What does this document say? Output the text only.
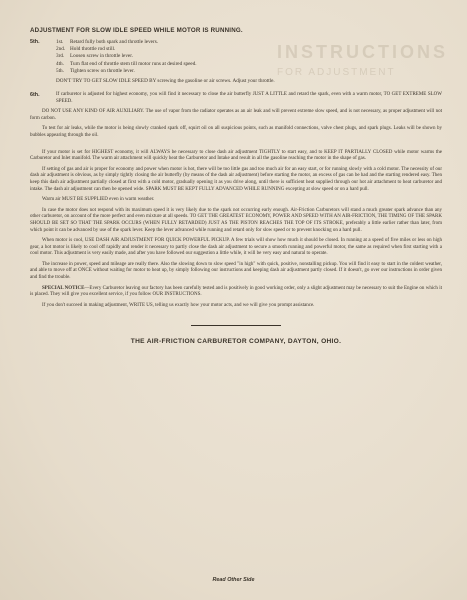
INSTRUCTIONS
FOR ADJUSTMENT
ADJUSTMENT FOR SLOW IDLE SPEED WHILE MOTOR IS RUNNING.
5th.	1st.	Retard fully both spark and throttle levers.
2nd. Hold throttle rod still.
3rd.	Loosen screw in throttle lever.
4th.	Turn flat end of throttle stem till motor runs at desired speed.
5th.	Tighten screw on throttle lever.
DON'T TRY TO GET SLOW IDLE SPEED BY screwing the gasoline or air screws. Adjust your throttle.
6th.	If carburetor is adjusted for highest economy, you will find it necessary to close the air butterfly JUST A LITTLE and retard the spark, even with a warm motor, TO GET EXTREME SLOW SPEED.
DO NOT USE ANY KIND OF AIR AUXILIARY. The use of vapor from the radiator operates as an air leak and will prevent extreme slow speed, and is not necessary, as proper adjustment will not form carbon.
To test for air leaks, while the motor is being slowly cranked spark off, squirt oil on all suspicious points, such as manifold connections, valve chest plugs, and spark plugs. Leaks will be shown by bubbles appearing through the oil.
If your motor is set for HIGHEST economy, it will ALWAYS be necessary to close dash air adjustment TIGHTLY to start easy, and to KEEP IT PARTIALLY CLOSED while motor warms the Carburetor and Inlet manifold. The warm air attachment will quickly heat the Carburetor and Intake and result in all the gasoline reaching the motor in the shape of gas.
If setting of gas and air is proper for economy and power when motor is hot, there will be too little gas and too much air for an easy start, or for running slowly with a cold motor. The necessity of our dash air adjustment is obvious, as by simply tightly closing the air butterfly (by means of the dash air adjustment) before starting the motor, an excess of gas can be had and the starting rendered easy. Then keep this dash air adjustment partially closed at first with a cold motor, gradually opening it as you drive along, until there is sufficient heat supplied through our hot air attachment to heat carburetor and intake. The dash air adjustment can then be opened wide. SPARK MUST BE KEPT FULLY ADVANCED WHILE RUNNING excepting at slow speed or on a hard pull.
Warm air MUST BE SUPPLIED even in warm weather.
In case the motor does not respond with its maximum speed it is very likely due to the spark not occurring early enough. Air-Friction Carburetors will stand a much greater spark advance than any other carburetor, on account of the more perfect and even mixture at all speeds. TO GET THE GREATEST ECONOMY, POWER AND SPEED WITH AN AIR-FRICTION, THE TIMING OF THE SPARK SHOULD BE SET SO THAT THE SPARK OCCURS (WHEN FULLY RETARDED) JUST AS THE PISTON REACHES THE TOP OF ITS STROKE, preferably a little earlier rather than later, from which point it can be advanced by use of the spark lever. Keep the lever advanced while running and retard only for slow speed or to prevent knocking on a hard pull.
When motor is cool, USE DASH AIR ADJUSTMENT FOR QUICK POWERFUL PICKUP. A few trials will show how much it should be closed. In running at a speed of five miles or less on high gear, a hot motor is likely to cool off rapidly and render it necessary to partly close the dash air adjustment to secure a smooth running and powerful motor, the same as required when first starting with a cool motor. This adjustment is very easily made, and after you have followed our suggestion a little while, it will be very easy and natural to operate.
The increase in power, speed and mileage are really there. Also the slowing down to slow speed "in high" with quick, positive, nonstalling pickup. You will find it easy to start in the coldest weather, and able to move off at ONCE without waiting for motor to heat up, by simply following our instructions and keeping dash air adjustment partly closed. If it doesn't, go over our instructions in order given and find the trouble.
SPECIAL NOTICE—Every Carburetor leaving our factory has been carefully tested and is positively in good working order, only a slight adjustment may be necessary to suit the Engine on which it is placed. They will give you excellent service, if you follow OUR INSTRUCTIONS.
If you don't succeed in making adjustment, WRITE US, telling us exactly how your motor acts, and we will give you prompt assistance.
THE AIR-FRICTION CARBURETOR COMPANY, DAYTON, OHIO.
Read Other Side
